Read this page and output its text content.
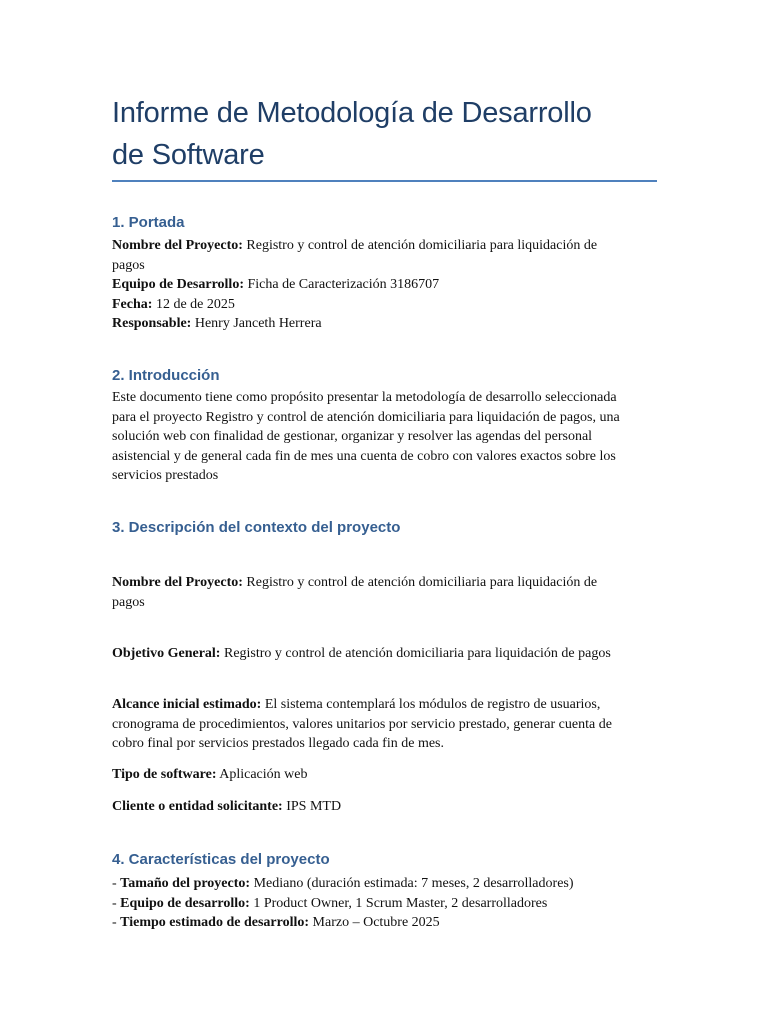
Informe de Metodología de Desarrollo
de Software
1. Portada
Nombre del Proyecto: Registro y control de atención domiciliaria para liquidación de
pagos
Equipo de Desarrollo: Ficha de Caracterización 3186707
Fecha: 12 de de 2025
Responsable: Henry Janceth Herrera
2. Introducción
Este documento tiene como propósito presentar la metodología de desarrollo seleccionada
para el proyecto Registro y control de atención domiciliaria para liquidación de pagos, una
solución web con finalidad de gestionar, organizar y resolver las agendas del personal
asistencial y de general cada fin de mes una cuenta de cobro con valores exactos sobre los
servicios prestados
3. Descripción del contexto del proyecto
Nombre del Proyecto: Registro y control de atención domiciliaria para liquidación de
pagos
Objetivo General: Registro y control de atención domiciliaria para liquidación de pagos
Alcance inicial estimado: El sistema contemplará los módulos de registro de usuarios,
cronograma de procedimientos, valores unitarios por servicio prestado, generar cuenta de
cobro final por servicios prestados llegado cada fin de mes.
Tipo de software: Aplicación web
Cliente o entidad solicitante: IPS MTD
4. Características del proyecto
- Tamaño del proyecto: Mediano (duración estimada: 7 meses, 2 desarrolladores)
- Equipo de desarrollo: 1 Product Owner, 1 Scrum Master, 2 desarrolladores
- Tiempo estimado de desarrollo: Marzo – Octubre 2025
